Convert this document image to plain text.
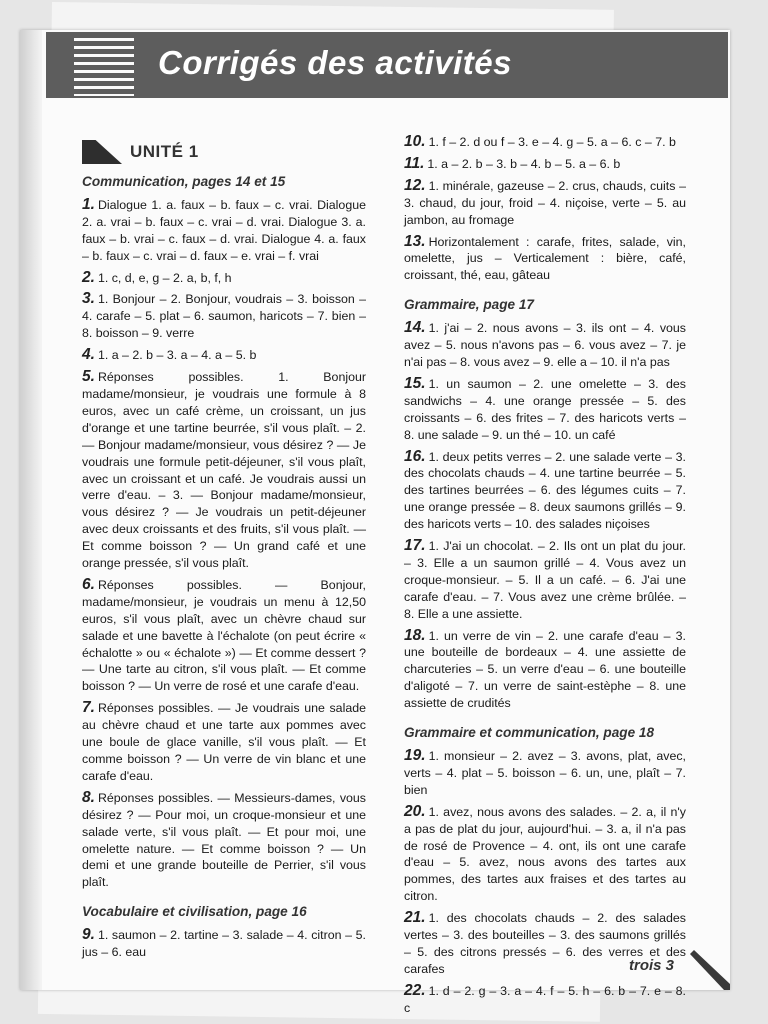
Corrigés des activités
UNITÉ 1
Communication, pages 14 et 15
1. Dialogue 1. a. faux – b. faux – c. vrai. Dialogue 2. a. vrai – b. faux – c. vrai – d. vrai. Dialogue 3. a. faux – b. vrai – c. faux – d. vrai. Dialogue 4. a. faux – b. faux – c. vrai – d. faux – e. vrai – f. vrai
2. 1. c, d, e, g – 2. a, b, f, h
3. 1. Bonjour – 2. Bonjour, voudrais – 3. boisson – 4. carafe – 5. plat – 6. saumon, haricots – 7. bien – 8. boisson – 9. verre
4. 1. a – 2. b – 3. a – 4. a – 5. b
5. Réponses possibles. 1. Bonjour madame/monsieur, je voudrais une formule à 8 euros, avec un café crème, un croissant, un jus d'orange et une tartine beurrée, s'il vous plaît. – 2. — Bonjour madame/monsieur, vous désirez ? — Je voudrais une formule petit-déjeuner, s'il vous plaît, avec un croissant et un café. Je voudrais aussi un verre d'eau. – 3. — Bonjour madame/monsieur, vous désirez ? — Je voudrais un petit-déjeuner avec deux croissants et des fruits, s'il vous plaît. — Et comme boisson ? — Un grand café et une orange pressée, s'il vous plaît.
6. Réponses possibles. — Bonjour, madame/monsieur, je voudrais un menu à 12,50 euros, s'il vous plaît, avec un chèvre chaud sur salade et une bavette à l'échalote (on peut écrire « échalotte » ou « échalote ») — Et comme dessert ? — Une tarte au citron, s'il vous plaît. — Et comme boisson ? — Un verre de rosé et une carafe d'eau.
7. Réponses possibles. — Je voudrais une salade au chèvre chaud et une tarte aux pommes avec une boule de glace vanille, s'il vous plaît. — Et comme boisson ? — Un verre de vin blanc et une carafe d'eau.
8. Réponses possibles. — Messieurs-dames, vous désirez ? — Pour moi, un croque-monsieur et une salade verte, s'il vous plaît. — Et pour moi, une omelette nature. — Et comme boisson ? — Un demi et une grande bouteille de Perrier, s'il vous plaît.
Vocabulaire et civilisation, page 16
9. 1. saumon – 2. tartine – 3. salade – 4. citron – 5. jus – 6. eau
10. 1. f – 2. d ou f – 3. e – 4. g – 5. a – 6. c – 7. b
11. 1. a – 2. b – 3. b – 4. b – 5. a – 6. b
12. 1. minérale, gazeuse – 2. crus, chauds, cuits – 3. chaud, du jour, froid – 4. niçoise, verte – 5. au jambon, au fromage
13. Horizontalement : carafe, frites, salade, vin, omelette, jus – Verticalement : bière, café, croissant, thé, eau, gâteau
Grammaire, page 17
14. 1. j'ai – 2. nous avons – 3. ils ont – 4. vous avez – 5. nous n'avons pas – 6. vous avez – 7. je n'ai pas – 8. vous avez – 9. elle a – 10. il n'a pas
15. 1. un saumon – 2. une omelette – 3. des sandwichs – 4. une orange pressée – 5. des croissants – 6. des frites – 7. des haricots verts – 8. une salade – 9. un thé – 10. un café
16. 1. deux petits verres – 2. une salade verte – 3. des chocolats chauds – 4. une tartine beurrée – 5. des tartines beurrées – 6. des légumes cuits – 7. une orange pressée – 8. deux saumons grillés – 9. des haricots verts – 10. des salades niçoises
17. 1. J'ai un chocolat. – 2. Ils ont un plat du jour. – 3. Elle a un saumon grillé – 4. Vous avez un croque-monsieur. – 5. Il a un café. – 6. J'ai une carafe d'eau. – 7. Vous avez une crème brûlée. – 8. Elle a une assiette.
18. 1. un verre de vin – 2. une carafe d'eau – 3. une bouteille de bordeaux – 4. une assiette de charcuteries – 5. un verre d'eau – 6. une bouteille d'aligoté – 7. un verre de saint-estèphe – 8. une assiette de crudités
Grammaire et communication, page 18
19. 1. monsieur – 2. avez – 3. avons, plat, avec, verts – 4. plat – 5. boisson – 6. un, une, plaît – 7. bien
20. 1. avez, nous avons des salades. – 2. a, il n'y a pas de plat du jour, aujourd'hui. – 3. a, il n'a pas de rosé de Provence – 4. ont, ils ont une carafe d'eau – 5. avez, nous avons des tartes aux pommes, des tartes aux fraises et des tartes au citron.
21. 1. des chocolats chauds – 2. des salades vertes – 3. des bouteilles – 3. des saumons grillés – 5. des citrons pressés – 6. des verres et des carafes
22. 1. d – 2. g – 3. a – 4. f – 5. h – 6. b – 7. e – 8. c
trois 3
